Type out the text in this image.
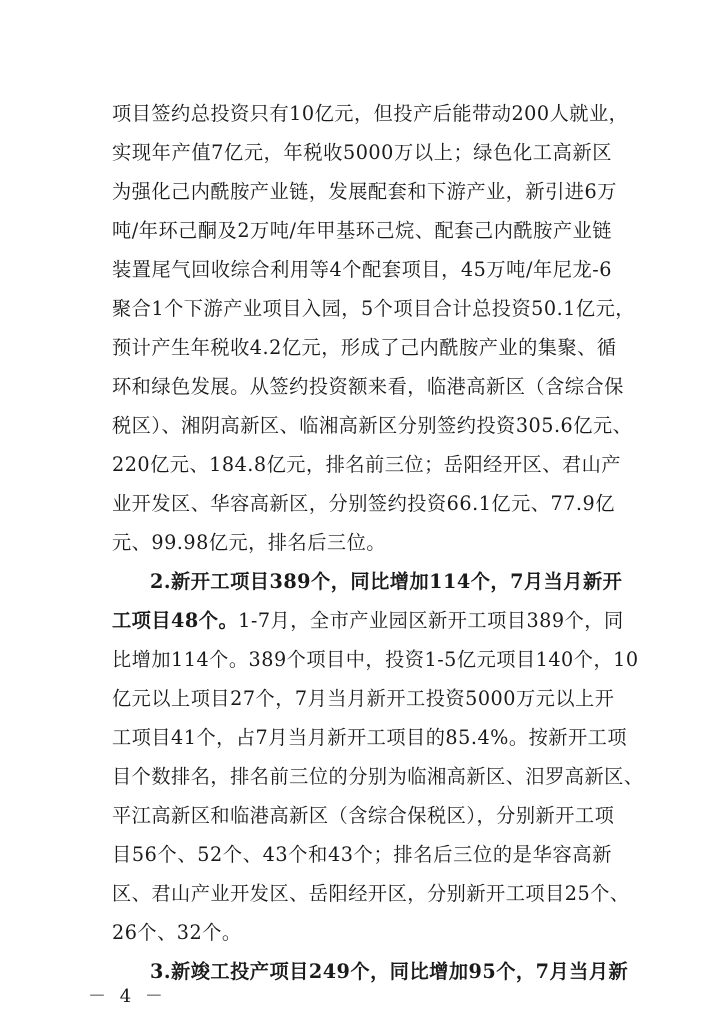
项目签约总投资只有10亿元，但投产后能带动200人就业，
实现年产值7亿元，年税收5000万以上；绿色化工高新区
为强化己内酰胺产业链，发展配套和下游产业，新引进6万
吨/年环己酮及2万吨/年甲基环己烷、配套己内酰胺产业链
装置尾气回收综合利用等4个配套项目，45万吨/年尼龙-6
聚合1个下游产业项目入园，5个项目合计总投资50.1亿元，
预计产生年税收4.2亿元，形成了己内酰胺产业的集聚、循
环和绿色发展。从签约投资额来看，临港高新区（含综合保
税区）、湘阴高新区、临湘高新区分别签约投资305.6亿元、
220亿元、184.8亿元，排名前三位；岳阳经开区、君山产
业开发区、华容高新区，分别签约投资66.1亿元、77.9亿
元、99.98亿元，排名后三位。
2.新开工项目389个，同比增加114个，7月当月新开
工项目48个。1-7月，全市产业园区新开工项目389个，同
比增加114个。389个项目中，投资1-5亿元项目140个，10
亿元以上项目27个，7月当月新开工投资5000万元以上开
工项目41个，占7月当月新开工项目的85.4%。按新开工项
目个数排名，排名前三位的分别为临湘高新区、汨罗高新区、
平江高新区和临港高新区（含综合保税区），分别新开工项
目56个、52个、43个和43个；排名后三位的是华容高新
区、君山产业开发区、岳阳经开区，分别新开工项目25个、
26个、32个。
3.新竣工投产项目249个，同比增加95个，7月当月新
－ 4 －
